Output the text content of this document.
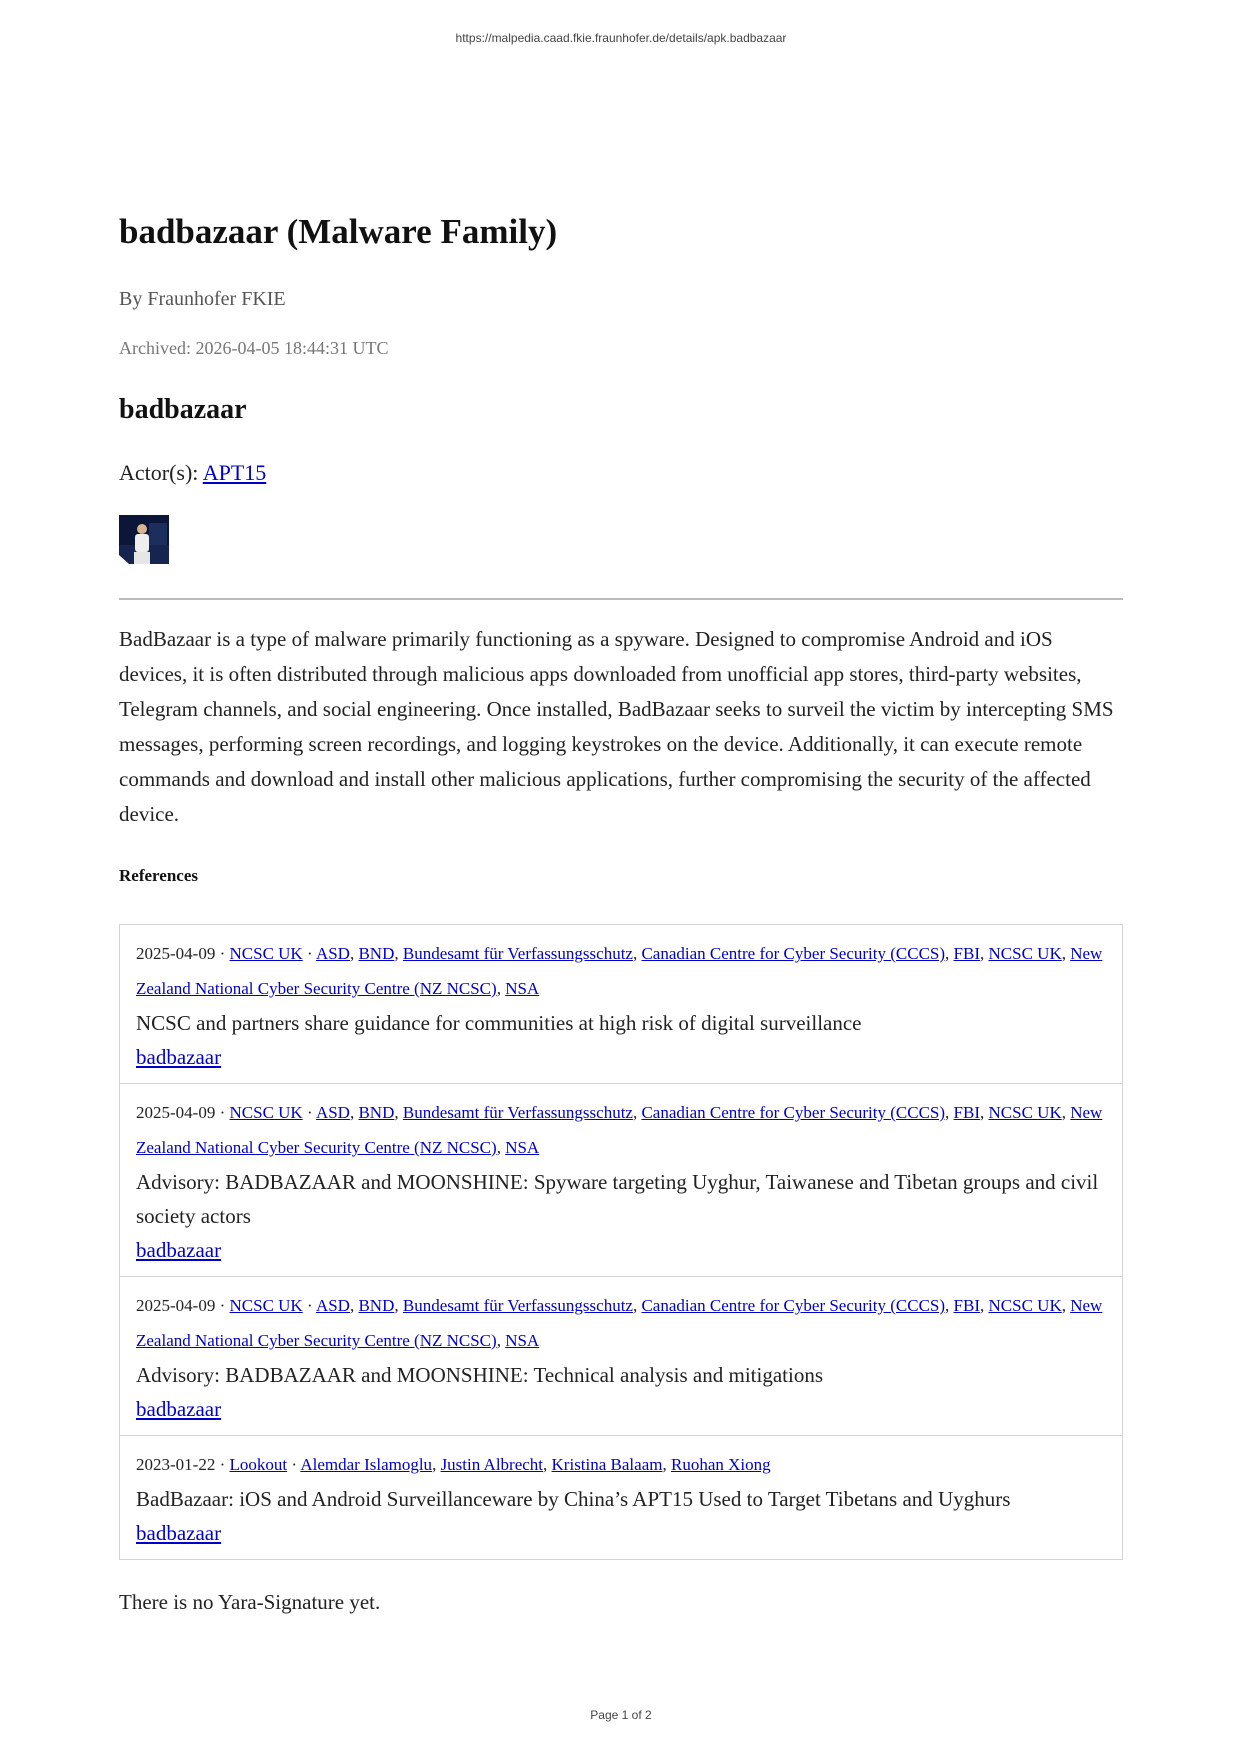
https://malpedia.caad.fkie.fraunhofer.de/details/apk.badbazaar
badbazaar (Malware Family)
By Fraunhofer FKIE
Archived: 2026-04-05 18:44:31 UTC
badbazaar
Actor(s): APT15

BadBazaar is a type of malware primarily functioning as a spyware. Designed to compromise Android and iOS devices, it is often distributed through malicious apps downloaded from unofficial app stores, third-party websites, Telegram channels, and social engineering. Once installed, BadBazaar seeks to surveil the victim by intercepting SMS messages, performing screen recordings, and logging keystrokes on the device. Additionally, it can execute remote commands and download and install other malicious applications, further compromising the security of the affected device.

References
2025-04-09 · NCSC UK · ASD, BND, Bundesamt für Verfassungsschutz, Canadian Centre for Cyber Security (CCCS), FBI, NCSC UK, New Zealand National Cyber Security Centre (NZ NCSC), NSA
NCSC and partners share guidance for communities at high risk of digital surveillance
badbazaar
2025-04-09 · NCSC UK · ASD, BND, Bundesamt für Verfassungsschutz, Canadian Centre for Cyber Security (CCCS), FBI, NCSC UK, New Zealand National Cyber Security Centre (NZ NCSC), NSA
Advisory: BADBAZAAR and MOONSHINE: Spyware targeting Uyghur, Taiwanese and Tibetan groups and civil society actors
badbazaar
2025-04-09 · NCSC UK · ASD, BND, Bundesamt für Verfassungsschutz, Canadian Centre for Cyber Security (CCCS), FBI, NCSC UK, New Zealand National Cyber Security Centre (NZ NCSC), NSA
Advisory: BADBAZAAR and MOONSHINE: Technical analysis and mitigations
badbazaar
2023-01-22 · Lookout · Alemdar Islamoglu, Justin Albrecht, Kristina Balaam, Ruohan Xiong
BadBazaar: iOS and Android Surveillanceware by China’s APT15 Used to Target Tibetans and Uyghurs
badbazaar
There is no Yara-Signature yet.
Page 1 of 2
